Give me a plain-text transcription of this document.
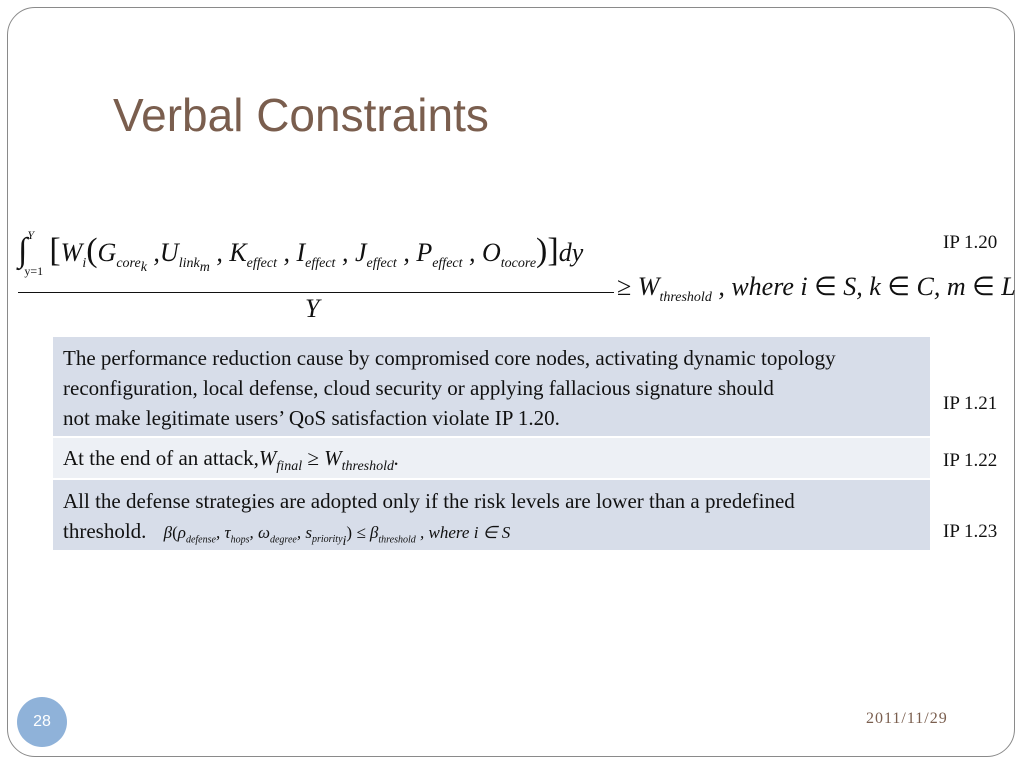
Verbal Constraints
∫ Y
y=1
[$W_i(G_{core_k}$ $,U_{link_m}$ , $K_{effect}$ , $I_{effect}$ , $J_{effect}$ , $P_{effect}$ , $O_{tocore})]dy$
Y
≥ $W_{threshold}$ , where i ∈ S, k ∈ C, m ∈ L
IP 1.20
The performance reduction cause by compromised core nodes, activating dynamic topology
reconfiguration, local defense, cloud security or applying fallacious signature should
not make legitimate users’ QoS satisfaction violate IP 1.20.
IP 1.21
At the end of an $attack,W_{final} \ge W_{threshold}$.	IP 1.22
All the defense strategies are adopted only if the risk levels are lower than a predefined
threshold. $\beta(\rho_{defense}$, $\tau_{hops}$, $\omega_{degree}$, $s_{priority_i}) \le \beta_{threshold}$ , where i ∈ S	IP 1.23
28	2011/11/29
